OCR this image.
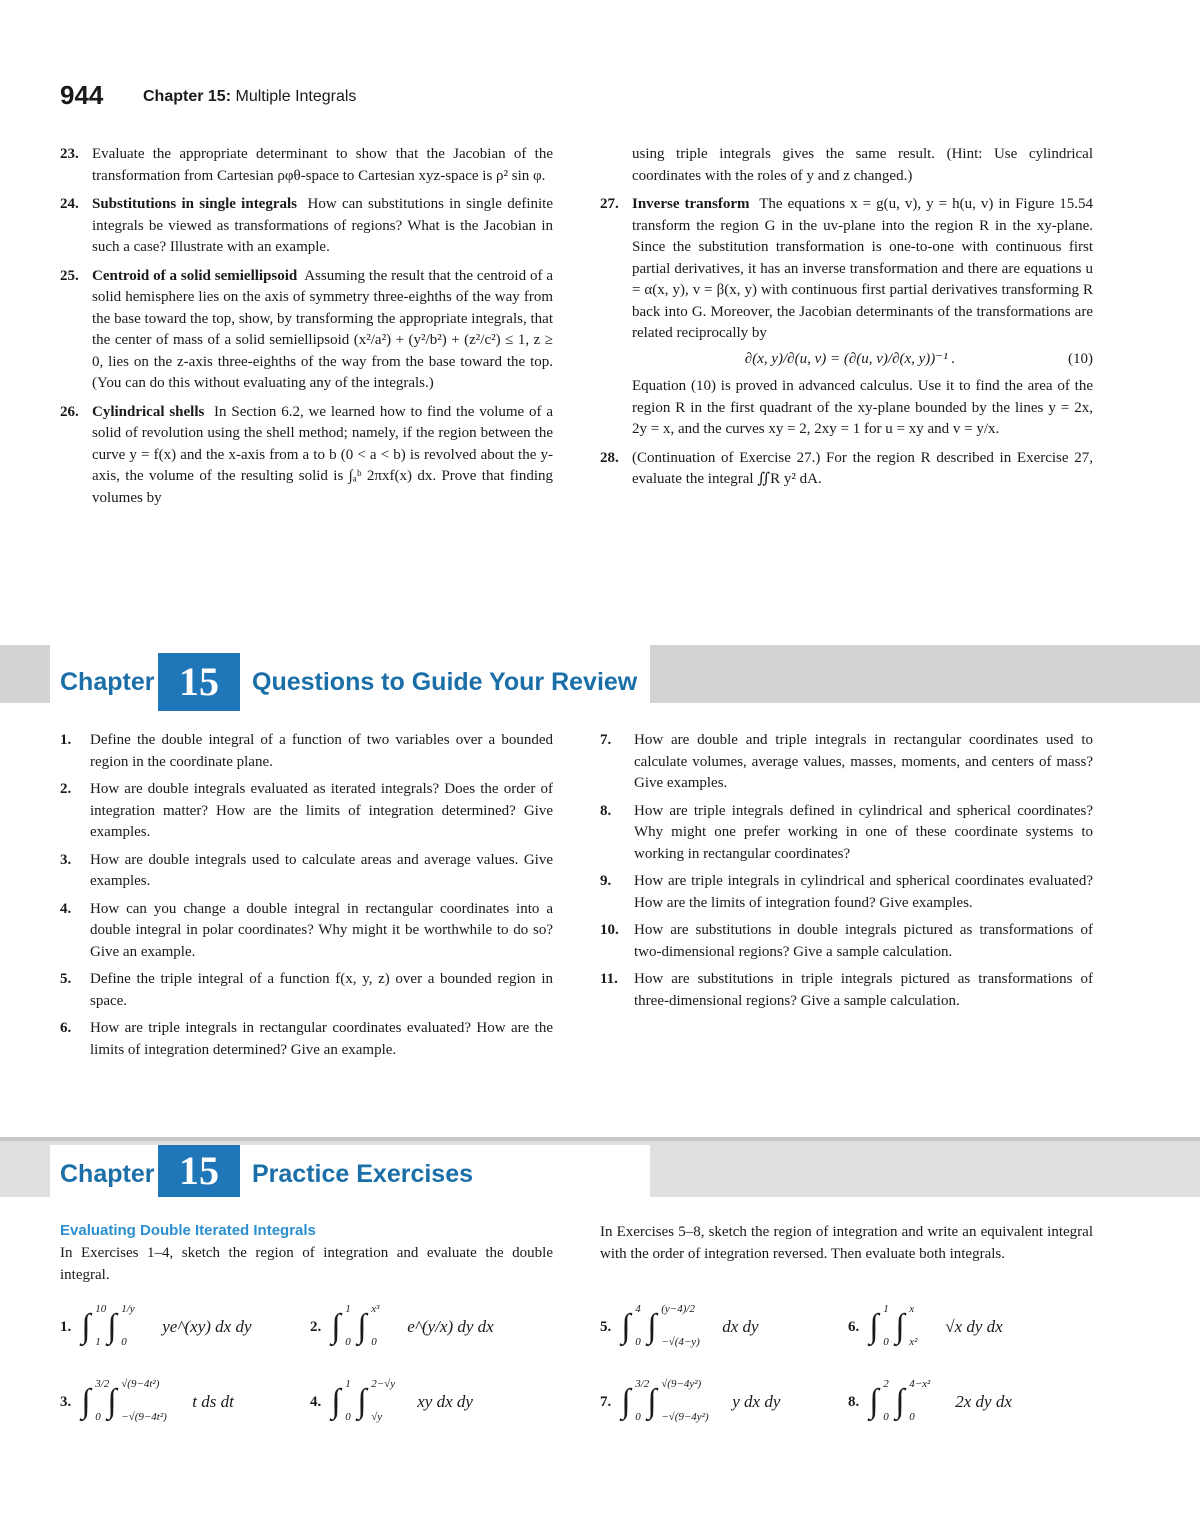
944 Chapter 15: Multiple Integrals
23. Evaluate the appropriate determinant to show that the Jacobian of the transformation from Cartesian ρφθ-space to Cartesian xyz-space is ρ² sin φ.
24. Substitutions in single integrals How can substitutions in single definite integrals be viewed as transformations of regions? What is the Jacobian in such a case? Illustrate with an example.
25. Centroid of a solid semiellipsoid Assuming the result that the centroid of a solid hemisphere lies on the axis of symmetry three-eighths of the way from the base toward the top, show, by transforming the appropriate integrals, that the center of mass of a solid semiellipsoid (x²/a²) + (y²/b²) + (z²/c²) ≤ 1, z ≥ 0, lies on the z-axis three-eighths of the way from the base toward the top. (You can do this without evaluating any of the integrals.)
26. Cylindrical shells In Section 6.2, we learned how to find the volume of a solid of revolution using the shell method; namely, if the region between the curve y = f(x) and the x-axis from a to b (0 < a < b) is revolved about the y-axis, the volume of the resulting solid is ∫ₐᵇ 2πxf(x) dx. Prove that finding volumes by
using triple integrals gives the same result. (Hint: Use cylindrical coordinates with the roles of y and z changed.)
27. Inverse transform The equations x = g(u, v), y = h(u, v) in Figure 15.54 transform the region G in the uv-plane into the region R in the xy-plane. Since the substitution transformation is one-to-one with continuous first partial derivatives, it has an inverse transformation and there are equations u = α(x, y), v = β(x, y) with continuous first partial derivatives transforming R back into G. Moreover, the Jacobian determinants of the transformations are related reciprocally by
∂(x, y)/∂(u, v) = (∂(u, v)/∂(x, y))⁻¹ .	(10)
Equation (10) is proved in advanced calculus. Use it to find the area of the region R in the first quadrant of the xy-plane bounded by the lines y = 2x, 2y = x, and the curves xy = 2, 2xy = 1 for u = xy and v = y/x.
28. (Continuation of Exercise 27.) For the region R described in Exercise 27, evaluate the integral ∬R y² dA.
Chapter 15	Questions to Guide Your Review
1. Define the double integral of a function of two variables over a bounded region in the coordinate plane.
2. How are double integrals evaluated as iterated integrals? Does the order of integration matter? How are the limits of integration determined? Give examples.
3. How are double integrals used to calculate areas and average values. Give examples.
4. How can you change a double integral in rectangular coordinates into a double integral in polar coordinates? Why might it be worthwhile to do so? Give an example.
5. Define the triple integral of a function f(x, y, z) over a bounded region in space.
6. How are triple integrals in rectangular coordinates evaluated? How are the limits of integration determined? Give an example.
7. How are double and triple integrals in rectangular coordinates used to calculate volumes, average values, masses, moments, and centers of mass? Give examples.
8. How are triple integrals defined in cylindrical and spherical coordinates? Why might one prefer working in one of these coordinate systems to working in rectangular coordinates?
9. How are triple integrals in cylindrical and spherical coordinates evaluated? How are the limits of integration found? Give examples.
10. How are substitutions in double integrals pictured as transformations of two-dimensional regions? Give a sample calculation.
11. How are substitutions in triple integrals pictured as transformations of three-dimensional regions? Give a sample calculation.
Chapter 15	Practice Exercises
Evaluating Double Iterated Integrals
In Exercises 1–4, sketch the region of integration and evaluate the double integral.
In Exercises 5–8, sketch the region of integration and write an equivalent integral with the order of integration reversed. Then evaluate both integrals.
1. ∫ 10
1 ∫ 1/y
0
ye^(xy) dx dy	2. ∫ 1
0 ∫ x³
0
e^(y/x) dy dx
3. ∫ 3/2
0 ∫ √(9−4t²)
−√(9−4t²)
t ds dt	4. ∫ 1
0 ∫ 2−√y
√y
xy dx dy
5. ∫ 4
0 ∫ (y−4)/2
−√(4−y)
dx dy	6. ∫ 1
0 ∫ x
x²
√x dy dx
7. ∫ 3/2
0 ∫ √(9−4y²)
−√(9−4y²)
y dx dy	8. ∫ 2
0 ∫ 4−x²
0
2x dy dx
